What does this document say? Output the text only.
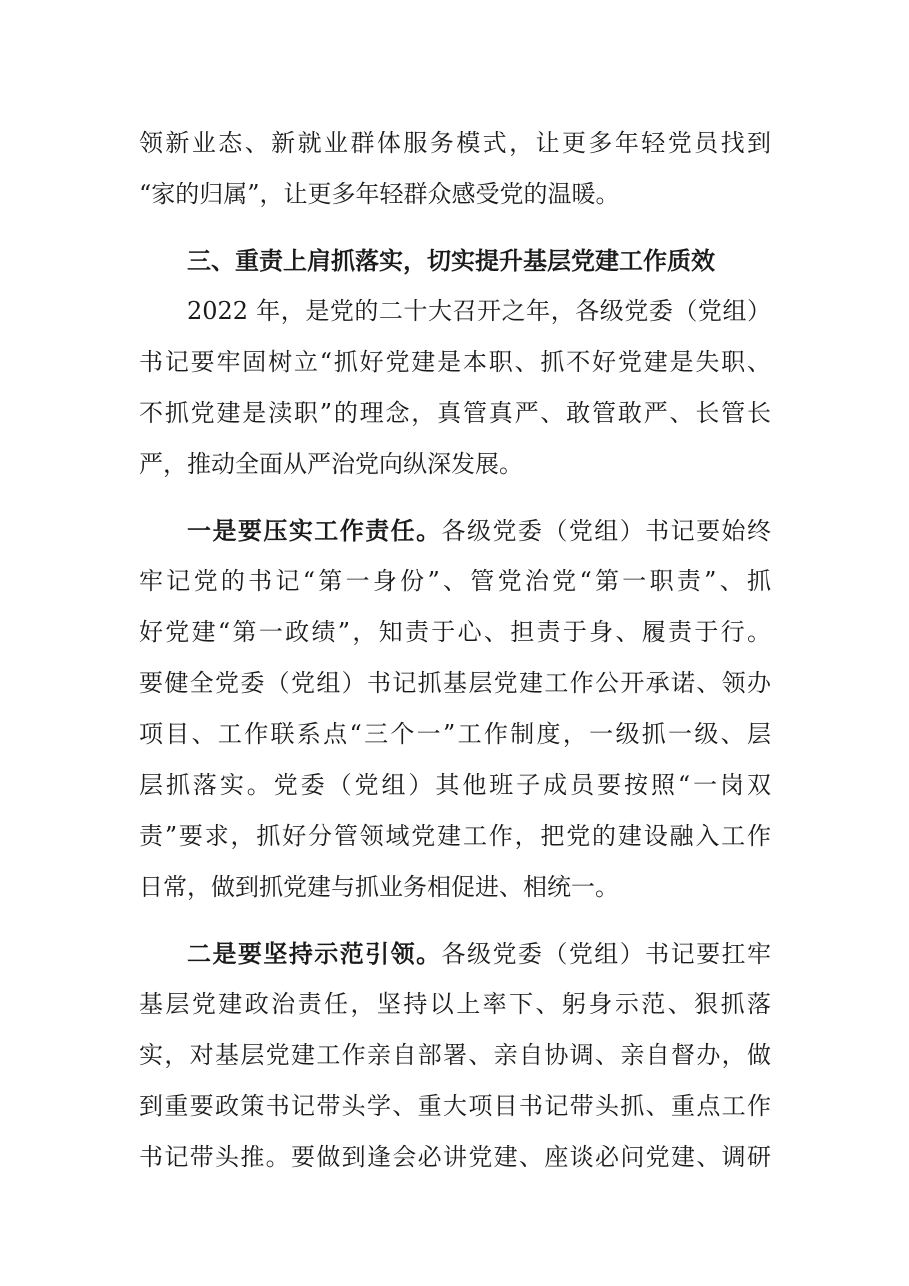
领新业态、新就业群体服务模式，让更多年轻党员找到
“家的归属”，让更多年轻群众感受党的温暖。
三、重责上肩抓落实，切实提升基层党建工作质效
2022 年，是党的二十大召开之年，各级党委（党组）
书记要牢固树立“抓好党建是本职、抓不好党建是失职、
不抓党建是渎职”的理念，真管真严、敢管敢严、长管长
严，推动全面从严治党向纵深发展。
一是要压实工作责任。各级党委（党组）书记要始终
牢记党的书记“第一身份”、管党治党“第一职责”、抓
好党建“第一政绩”，知责于心、担责于身、履责于行。
要健全党委（党组）书记抓基层党建工作公开承诺、领办
项目、工作联系点“三个一”工作制度，一级抓一级、层
层抓落实。党委（党组）其他班子成员要按照“一岗双
责”要求，抓好分管领域党建工作，把党的建设融入工作
日常，做到抓党建与抓业务相促进、相统一。
二是要坚持示范引领。各级党委（党组）书记要扛牢
基层党建政治责任，坚持以上率下、躬身示范、狠抓落
实，对基层党建工作亲自部署、亲自协调、亲自督办，做
到重要政策书记带头学、重大项目书记带头抓、重点工作
书记带头推。要做到逢会必讲党建、座谈必问党建、调研
